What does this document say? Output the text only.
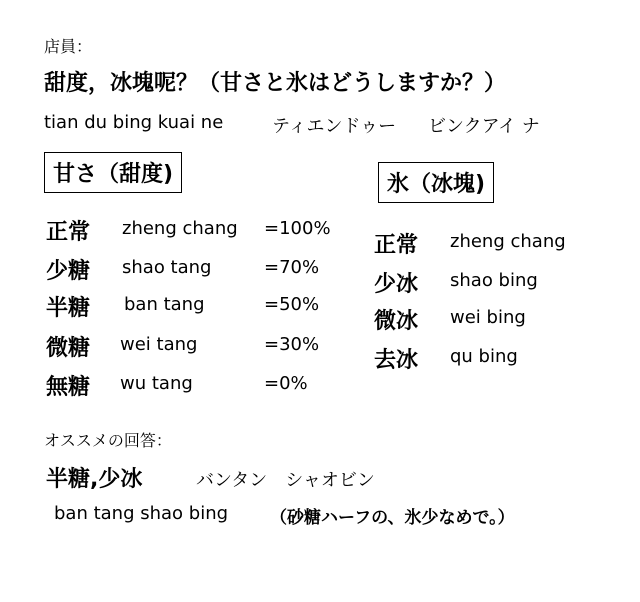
店員：
甜度，冰塊呢？（甘さと氷はどうしますか？）
tian du bing kuai ne	ティエンドゥー ビンクアイ ナ
甘さ（甜度)
正常 zheng chang =100%
少糖 shao tang	=70%
半糖 ban tang	=50%
微糖 wei tang	=30%
無糖 wu tang	=0%
氷（冰塊)
正常 zheng chang
少冰 shao bing
微冰 wei bing
去冰 qu bing
オススメの回答：
半糖,少冰	バンタン　シャオビン
ban tang shao bing （砂糖ハーフの、氷少なめで。）
